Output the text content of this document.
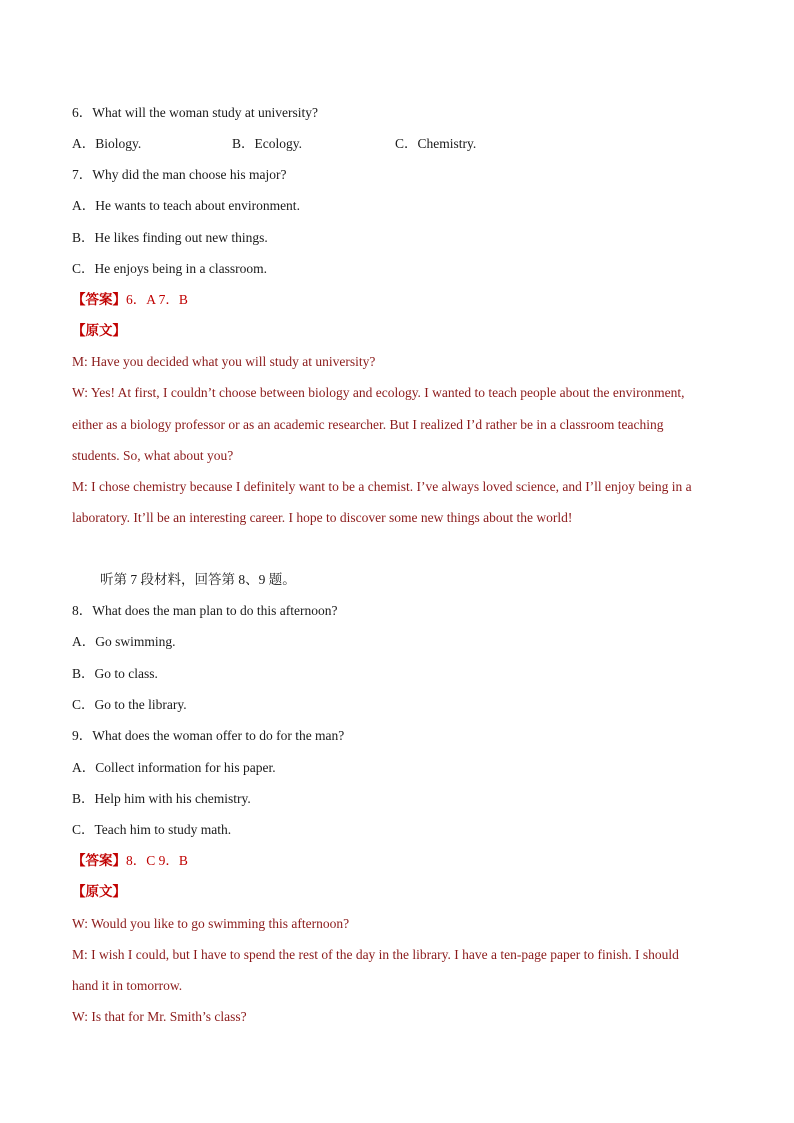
6．What will the woman study at university?
A．Biology.	B．Ecology.	C．Chemistry.
7．Why did the man choose his major?
A．He wants to teach about environment.
B．He likes finding out new things.
C．He enjoys being in a classroom.
【答案】6．A 7．B
【原文】
M: Have you decided what you will study at university?
W: Yes! At first, I couldn’t choose between biology and ecology. I wanted to teach people about the environment,
either as a biology professor or as an academic researcher. But I realized I’d rather be in a classroom teaching
students. So, what about you?
M: I chose chemistry because I definitely want to be a chemist. I’ve always loved science, and I’ll enjoy being in a
laboratory. It’ll be an interesting career. I hope to discover some new things about the world!
听第 7 段材料，回答第 8、9 题。
8．What does the man plan to do this afternoon?
A．Go swimming.
B．Go to class.
C．Go to the library.
9．What does the woman offer to do for the man?
A．Collect information for his paper.
B．Help him with his chemistry.
C．Teach him to study math.
【答案】8．C 9．B
【原文】
W: Would you like to go swimming this afternoon?
M: I wish I could, but I have to spend the rest of the day in the library. I have a ten-page paper to finish. I should
hand it in tomorrow.
W: Is that for Mr. Smith’s class?
